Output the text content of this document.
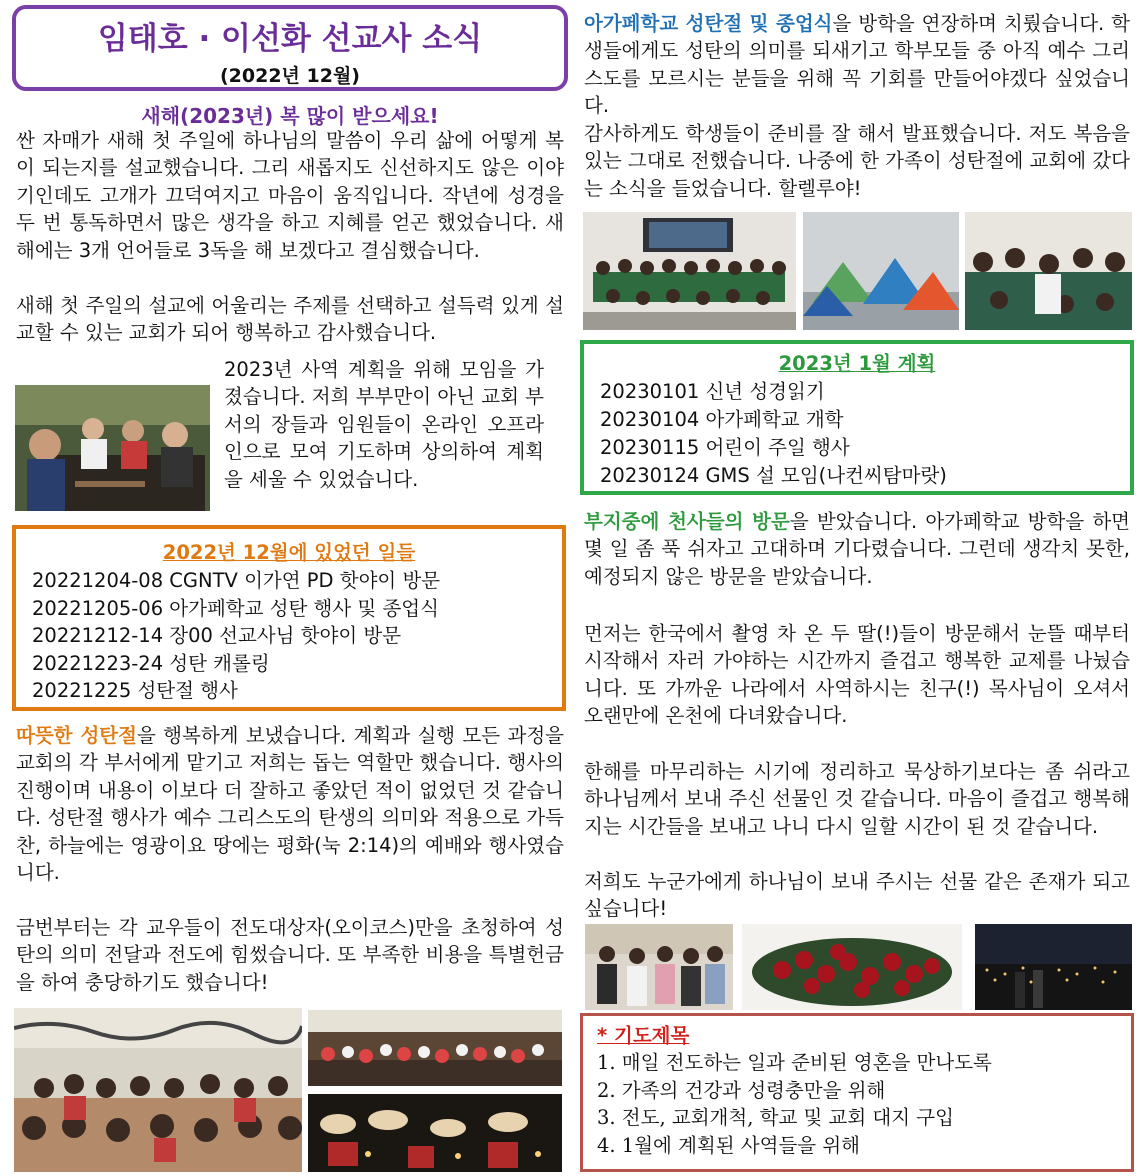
임태호 · 이선화 선교사 소식
(2022년 12월)
새해(2023년) 복 많이 받으세요!
싼 자매가 새해 첫 주일에 하나님의 말씀이 우리 삶에 어떻게 복이 되는지를 설교했습니다. 그리 새롭지도 신선하지도 않은 이야기인데도 고개가 끄덕여지고 마음이 움직입니다. 작년에 성경을 두 번 통독하면서 많은 생각을 하고 지혜를 얻곤 했었습니다. 새해에는 3개 언어들로 3독을 해 보겠다고 결심했습니다.
새해 첫 주일의 설교에 어울리는 주제를 선택하고 설득력 있게 설교할 수 있는 교회가 되어 행복하고 감사했습니다.
2023년 사역 계획을 위해 모임을 가졌습니다. 저희 부부만이 아닌 교회 부서의 장들과 임원들이 온라인 오프라인으로 모여 기도하며 상의하여 계획을 세울 수 있었습니다.
2022년 12월에 있었던 일들
20221204-08 CGNTV 이가연 PD 핫야이 방문
20221205-06 아가페학교 성탄 행사 및 종업식
20221212-14 장00 선교사님 핫야이 방문
20221223-24 성탄 캐롤링
20221225 성탄절 행사
따뜻한 성탄절을 행복하게 보냈습니다. 계획과 실행 모든 과정을 교회의 각 부서에게 맡기고 저희는 돕는 역할만 했습니다. 행사의 진행이며 내용이 이보다 더 잘하고 좋았던 적이 없었던 것 같습니다. 성탄절 행사가 예수 그리스도의 탄생의 의미와 적용으로 가득찬, 하늘에는 영광이요 땅에는 평화(눅 2:14)의 예배와 행사였습니다.
금번부터는 각 교우들이 전도대상자(오이코스)만을 초청하여 성탄의 의미 전달과 전도에 힘썼습니다. 또 부족한 비용을 특별헌금을 하여 충당하기도 했습니다!
아가페학교 성탄절 및 종업식을 방학을 연장하며 치뤘습니다. 학생들에게도 성탄의 의미를 되새기고 학부모들 중 아직 예수 그리스도를 모르시는 분들을 위해 꼭 기회를 만들어야겠다 싶었습니다.
감사하게도 학생들이 준비를 잘 해서 발표했습니다. 저도 복음을 있는 그대로 전했습니다. 나중에 한 가족이 성탄절에 교회에 갔다는 소식을 들었습니다. 할렐루야!
2023년 1월 계획
20230101 신년 성경읽기
20230104 아가페학교 개학
20230115 어린이 주일 행사
20230124 GMS 설 모임(나컨씨탐마랏)
부지중에 천사들의 방문을 받았습니다. 아가페학교 방학을 하면 몇 일 좀 푹 쉬자고 고대하며 기다렸습니다. 그런데 생각치 못한, 예정되지 않은 방문을 받았습니다.
먼저는 한국에서 촬영 차 온 두 딸(!)들이 방문해서 눈뜰 때부터 시작해서 자러 가야하는 시간까지 즐겁고 행복한 교제를 나눴습니다. 또 가까운 나라에서 사역하시는 친구(!) 목사님이 오셔서 오랜만에 온천에 다녀왔습니다.
한해를 마무리하는 시기에 정리하고 묵상하기보다는 좀 쉬라고 하나님께서 보내 주신 선물인 것 같습니다. 마음이 즐겁고 행복해지는 시간들을 보내고 나니 다시 일할 시간이 된 것 같습니다.
저희도 누군가에게 하나님이 보내 주시는 선물 같은 존재가 되고 싶습니다!
* 기도제목
1. 매일 전도하는 일과 준비된 영혼을 만나도록
2. 가족의 건강과 성령충만을 위해
3. 전도, 교회개척, 학교 및 교회 대지 구입
4. 1월에 계획된 사역들을 위해
